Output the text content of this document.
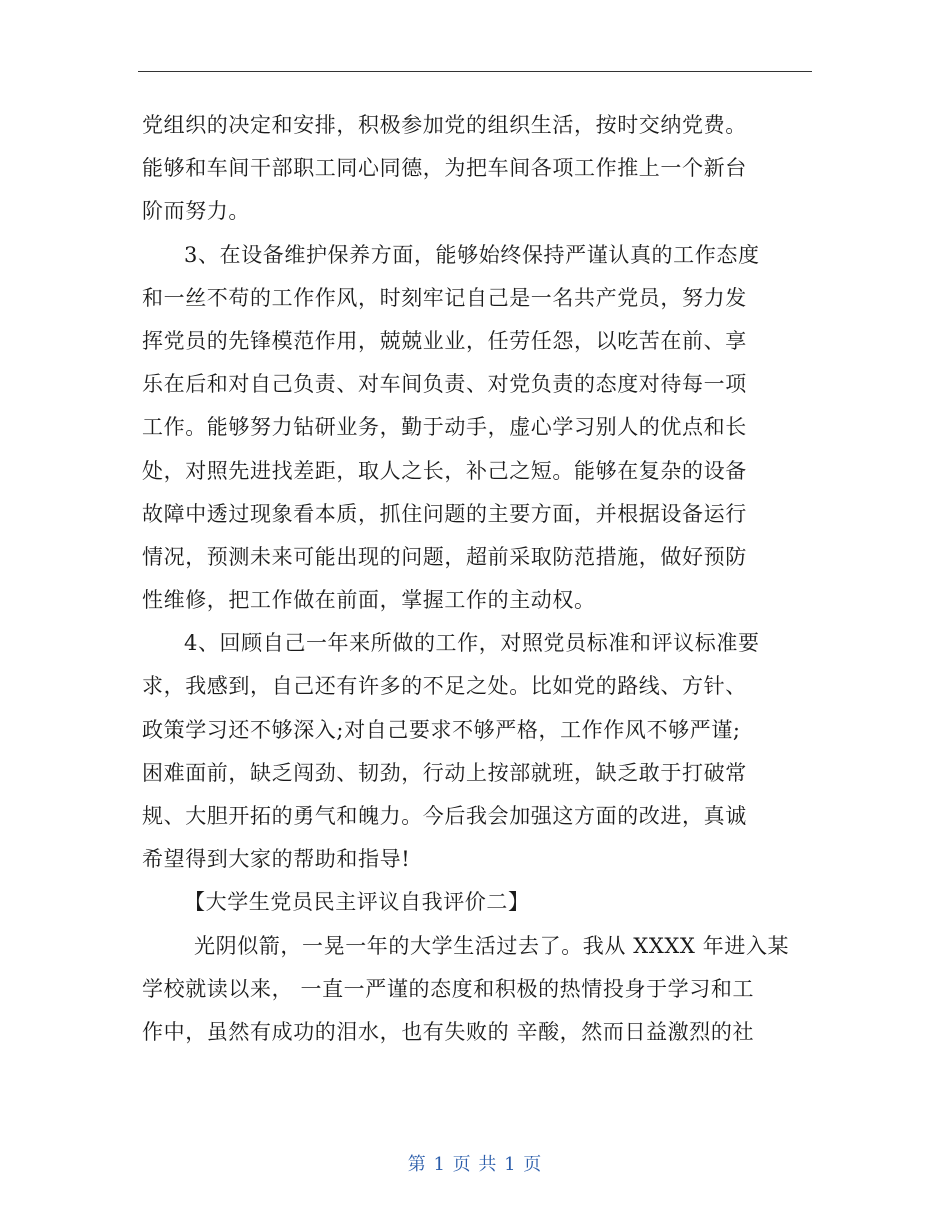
党组织的决定和安排，积极参加党的组织生活，按时交纳党费。
能够和车间干部职工同心同德，为把车间各项工作推上一个新台
阶而努力。
3、在设备维护保养方面，能够始终保持严谨认真的工作态度
和一丝不苟的工作作风，时刻牢记自己是一名共产党员，努力发
挥党员的先锋模范作用，兢兢业业，任劳任怨，以吃苦在前、享
乐在后和对自己负责、对车间负责、对党负责的态度对待每一项
工作。能够努力钻研业务，勤于动手，虚心学习别人的优点和长
处，对照先进找差距，取人之长，补己之短。能够在复杂的设备
故障中透过现象看本质，抓住问题的主要方面，并根据设备运行
情况，预测未来可能出现的问题，超前采取防范措施，做好预防
性维修，把工作做在前面，掌握工作的主动权。
4、回顾自己一年来所做的工作，对照党员标准和评议标准要
求，我感到，自己还有许多的不足之处。比如党的路线、方针、
政策学习还不够深入;对自己要求不够严格，工作作风不够严谨;
困难面前，缺乏闯劲、韧劲，行动上按部就班，缺乏敢于打破常
规、大胆开拓的勇气和魄力。今后我会加强这方面的改进，真诚
希望得到大家的帮助和指导!
【大学生党员民主评议自我评价二】
光阴似箭，一晃一年的大学生活过去了。我从 XXXX 年进入某
学校就读以来， 一直一严谨的态度和积极的热情投身于学习和工
作中，虽然有成功的泪水，也有失败的 辛酸，然而日益激烈的社
第 1 页 共 1 页
